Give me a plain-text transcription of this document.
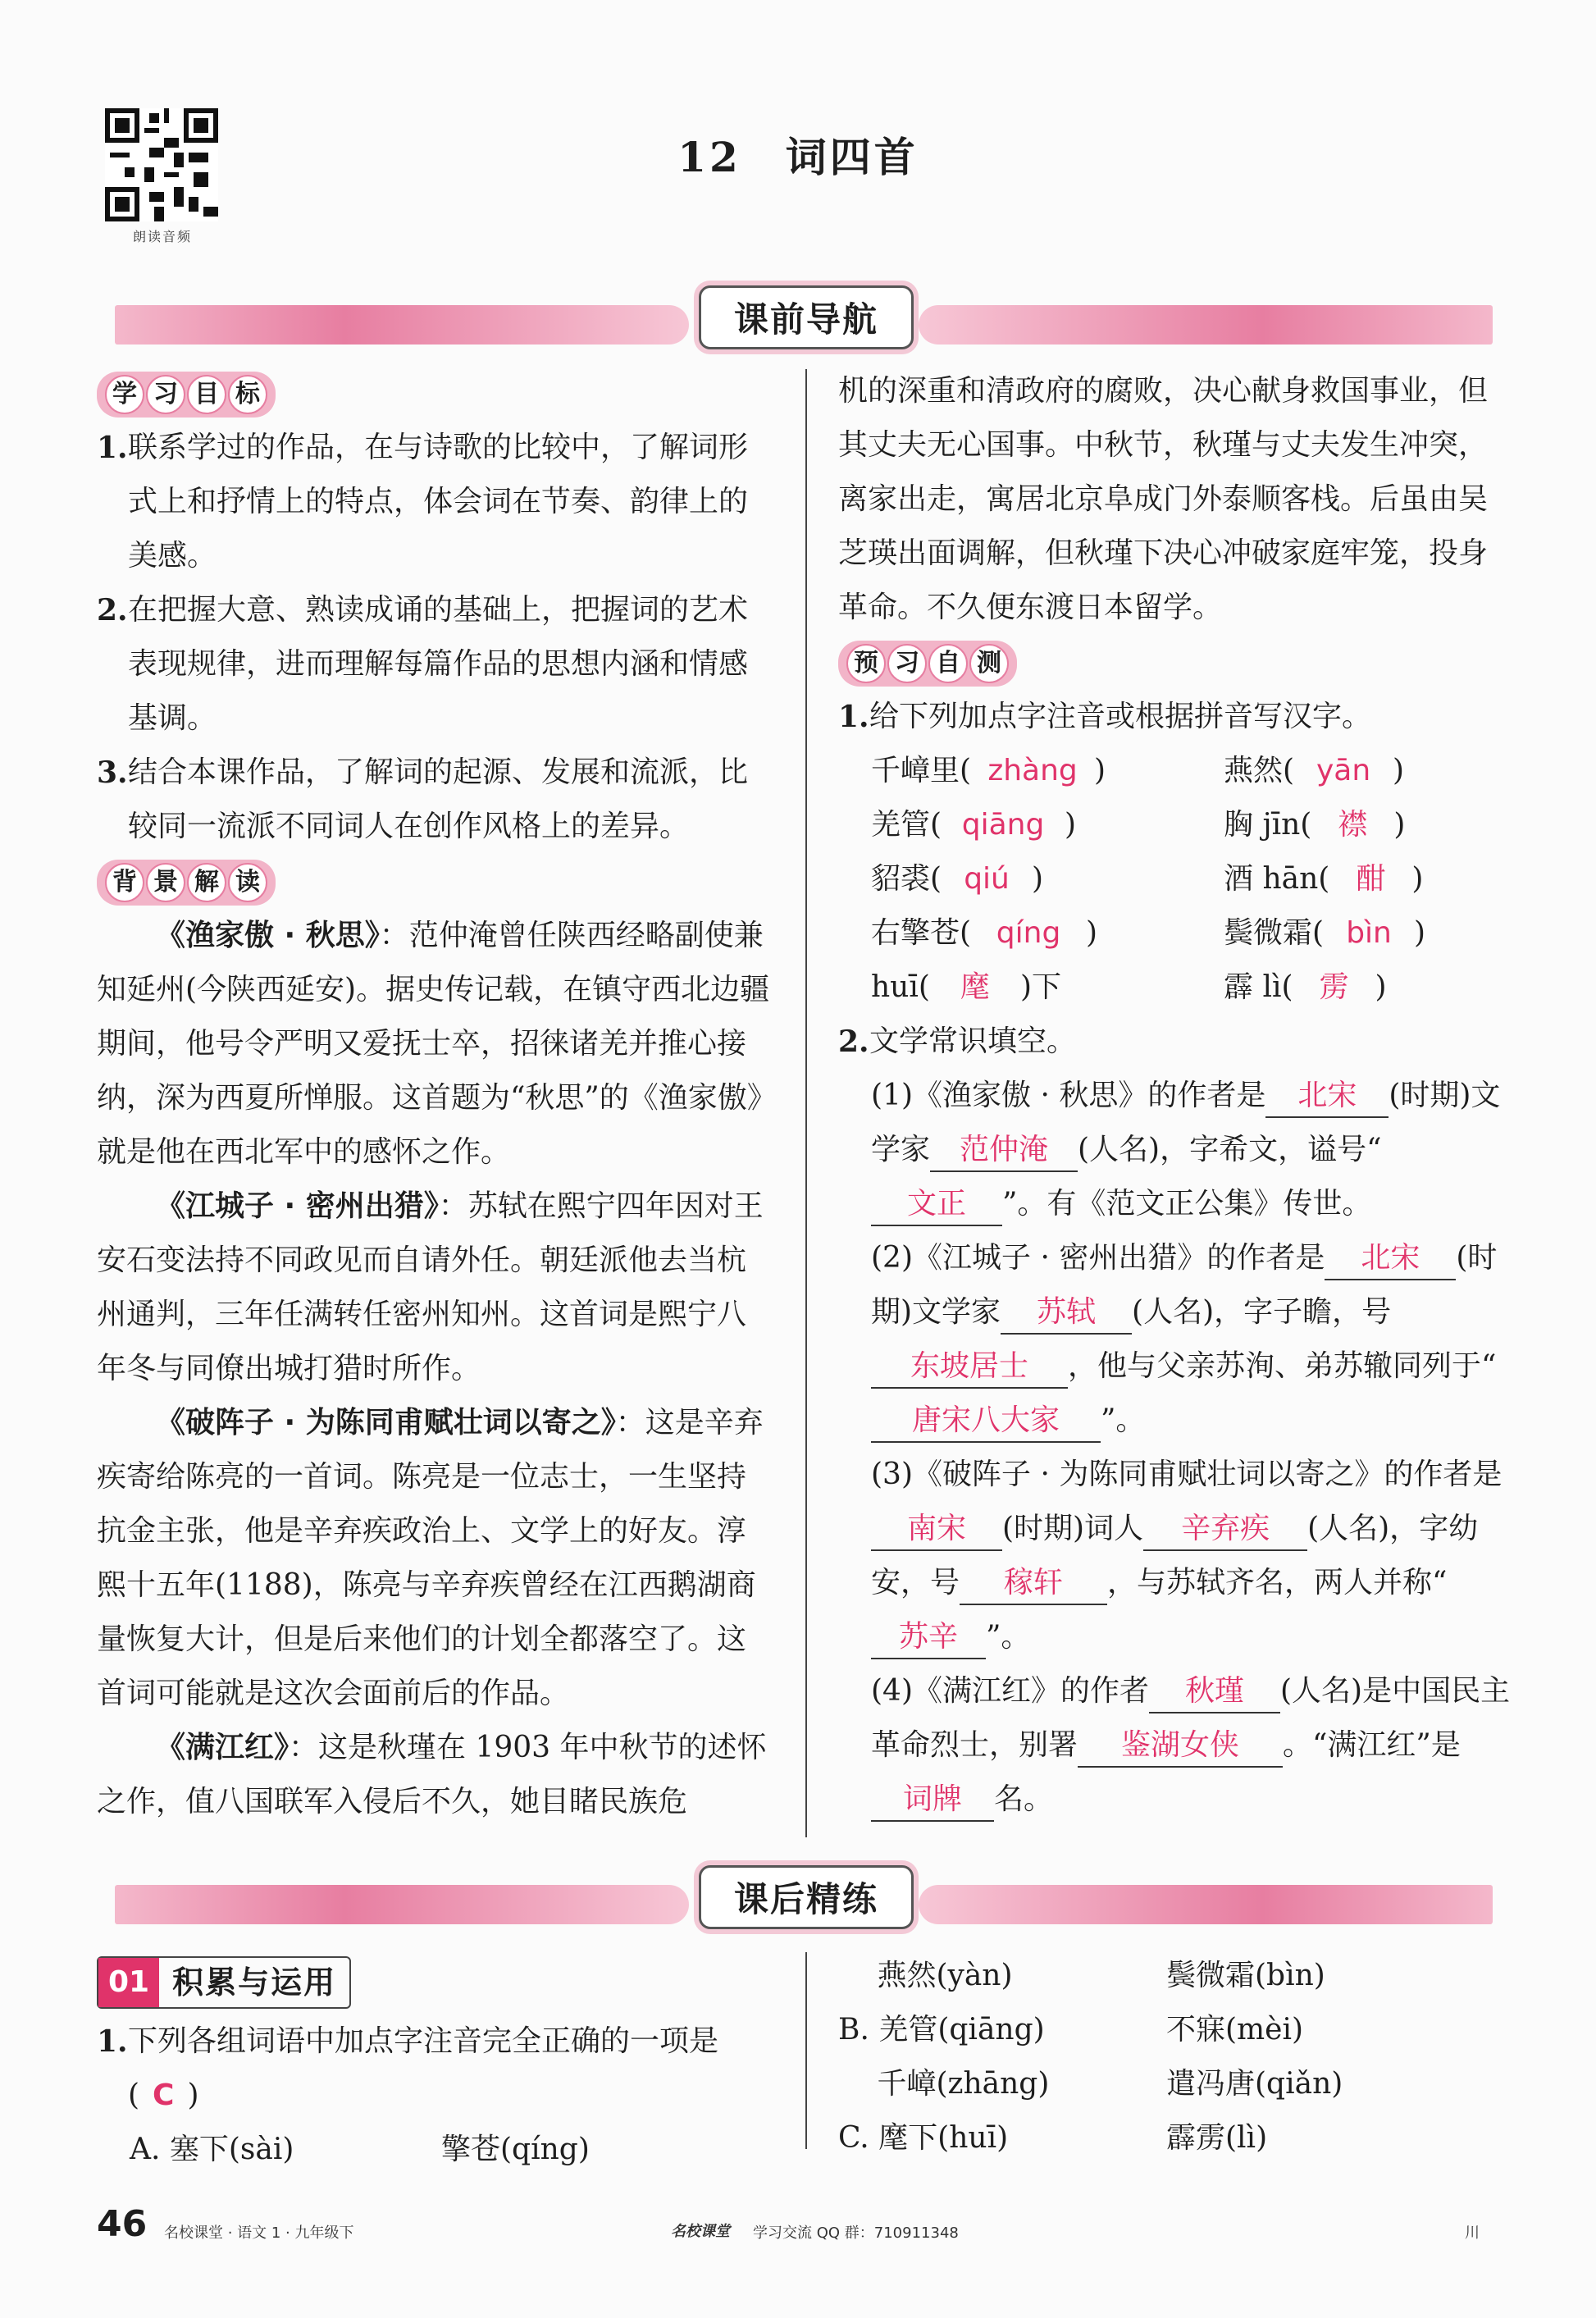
朗读音频
12　词四首
课前导航
学 习 目 标
1. 联系学过的作品，在与诗歌的比较中，了解词形式上和抒情上的特点，体会词在节奏、韵律上的美感。
2. 在把握大意、熟读成诵的基础上，把握词的艺术表现规律，进而理解每篇作品的思想内涵和情感基调。
3. 结合本课作品，了解词的起源、发展和流派，比较同一流派不同词人在创作风格上的差异。
背 景 解 读

《渔家傲 · 秋思》：范仲淹曾任陕西经略副使兼知延州(今陕西延安)。据史传记载，在镇守西北边疆期间，他号令严明又爱抚士卒，招徕诸羌并推心接纳，深为西夏所惮服。这首题为“秋思”的《渔家傲》就是他在西北军中的感怀之作。

《江城子 · 密州出猎》：苏轼在熙宁四年因对王安石变法持不同政见而自请外任。朝廷派他去当杭州通判，三年任满转任密州知州。这首词是熙宁八年冬与同僚出城打猎时所作。

《破阵子 · 为陈同甫赋壮词以寄之》：这是辛弃疾寄给陈亮的一首词。陈亮是一位志士，一生坚持抗金主张，他是辛弃疾政治上、文学上的好友。淳熙十五年(1188)，陈亮与辛弃疾曾经在江西鹅湖商量恢复大计，但是后来他们的计划全都落空了。这首词可能就是这次会面前后的作品。

《满江红》：这是秋瑾在 1903 年中秋节的述怀之作，值八国联军入侵后不久，她目睹民族危

机的深重和清政府的腐败，决心献身救国事业，但其丈夫无心国事。中秋节，秋瑾与丈夫发生冲突，离家出走，寓居北京阜成门外泰顺客栈。后虽由吴芝瑛出面调解，但秋瑾下决心冲破家庭牢笼，投身革命。不久便东渡日本留学。

预 习 自 测
1. 给下列加点字注音或根据拼音写汉字。
千嶂里( zhàng )	燕然( yān )
羌管( qiāng )	胸 jīn( 襟 )
貂裘( qiú )	酒 hān( 酣 )
右擎苍( qíng )	鬓微霜( bìn )
huī( 麾 )下	霹 lì( 雳 )
2. 文学常识填空。

(1)《渔家傲 · 秋思》的作者是 北宋 (时期)文学家 范仲淹 (人名)，字希文，谥号“文正 ”。有《范文正公集》传世。

(2)《江城子 · 密州出猎》的作者是 北宋 (时期)文学家 苏轼 (人名)，字子瞻，号东坡居士 ，他与父亲苏洵、弟苏辙同列于“唐宋八大家 ”。

(3)《破阵子 · 为陈同甫赋壮词以寄之》的作者是南宋 (时期)词人 辛弃疾 (人名)，字幼安，号 稼轩 ，与苏轼齐名，两人并称“苏辛 ”。

(4)《满江红》的作者 秋瑾 (人名)是中国民主革命烈士，别署 鉴湖女侠 。“满江红”是词牌 名。

课后精练
01 积累与运用
1. 下列各组词语中加点字注音完全正确的一项是( C )
A. 塞下(sài)	擎苍(qíng)
　 燕然(yàn)	鬓微霜(bìn)
B. 羌管(qiāng)	不寐(mèi)
　 千嶂(zhāng)	遣冯唐(qiǎn)
C. 麾下(huī)	霹雳(lì)
46 名校课堂 · 语文 1 · 九年级下	名校课堂 学习交流 QQ 群：710911348	川
